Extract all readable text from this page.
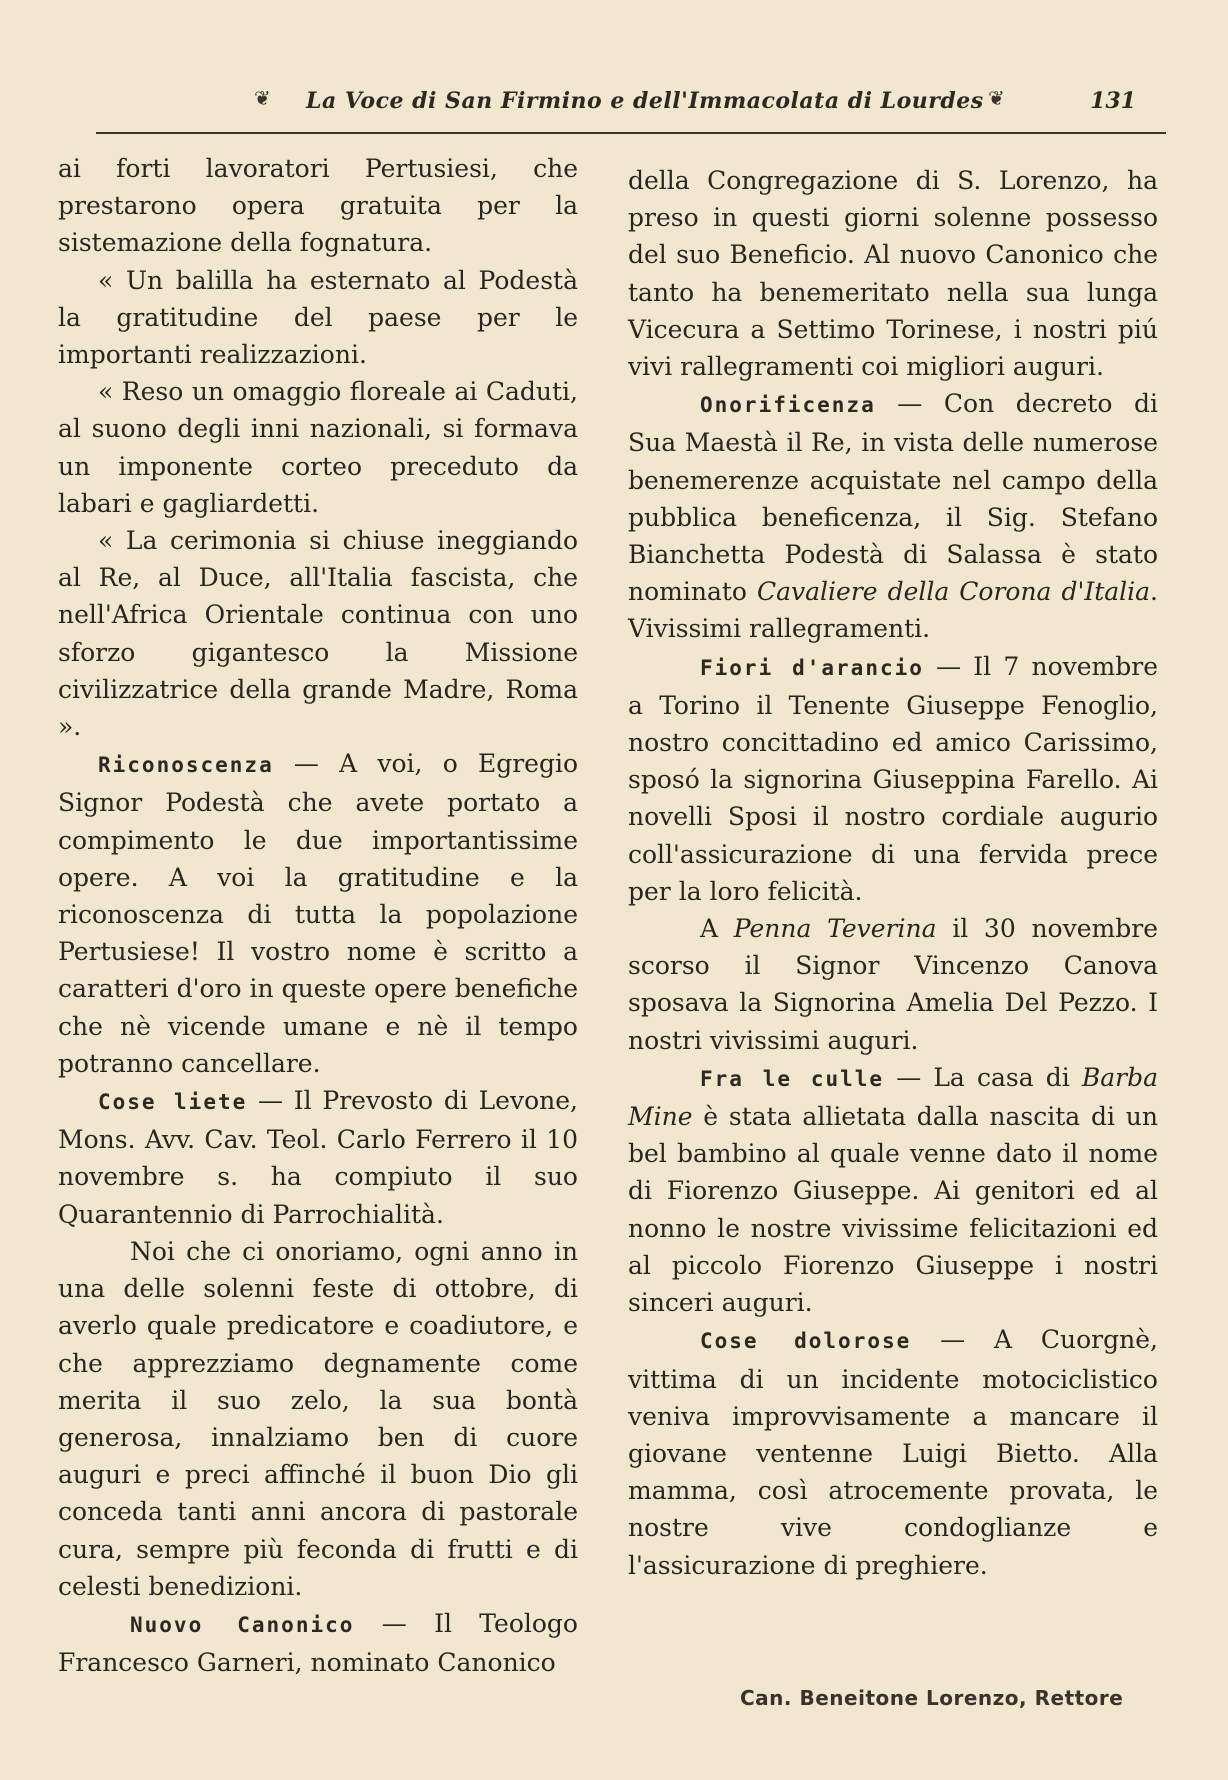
❦ La Voce di San Firmino e dell'Immacolata di Lourdes ❦	131

ai forti lavoratori Pertusiesi, che prestarono opera gratuita per la sistemazione della fognatura.

« Un balilla ha esternato al Podestà la gratitudine del paese per le importanti realizzazioni.

« Reso un omaggio floreale ai Caduti, al suono degli inni nazionali, si formava un imponente corteo preceduto da labari e gagliardetti.

« La cerimonia si chiuse ineggiando al Re, al Duce, all'Italia fascista, che nell'Africa Orientale continua con uno sforzo gigantesco la Missione civilizzatrice della grande Madre, Roma ».

Riconoscenza — A voi, o Egregio Signor Podestà che avete portato a compimento le due importantissime opere. A voi la gratitudine e la riconoscenza di tutta la popolazione Pertusiese! Il vostro nome è scritto a caratteri d'oro in queste opere benefiche che nè vicende umane e nè il tempo potranno cancellare.

Cose liete — Il Prevosto di Levone, Mons. Avv. Cav. Teol. Carlo Ferrero il 10 novembre s. ha compiuto il suo Quarantennio di Parrochialità.

Noi che ci onoriamo, ogni anno in una delle solenni feste di ottobre, di averlo quale predicatore e coadiutore, e che apprezziamo degnamente come merita il suo zelo, la sua bontà generosa, innalziamo ben di cuore auguri e preci affinché il buon Dio gli conceda tanti anni ancora di pastorale cura, sempre più feconda di frutti e di celesti benedizioni.

Nuovo Canonico — Il Teologo Francesco Garneri, nominato Canonico

della Congregazione di S. Lorenzo, ha preso in questi giorni solenne possesso del suo Beneficio. Al nuovo Canonico che tanto ha benemeritato nella sua lunga Vicecura a Settimo Torinese, i nostri piú vivi rallegramenti coi migliori auguri.

Onorificenza — Con decreto di Sua Maestà il Re, in vista delle numerose benemerenze acquistate nel campo della pubblica beneficenza, il Sig. Stefano Bianchetta Podestà di Salassa è stato nominato Cavaliere della Corona d'Italia. Vivissimi rallegramenti.

Fiori d'arancio — Il 7 novembre a Torino il Tenente Giuseppe Fenoglio, nostro concittadino ed amico Carissimo, sposó la signorina Giuseppina Farello. Ai novelli Sposi il nostro cordiale augurio coll'assicurazione di una fervida prece per la loro felicità.

A Penna Teverina il 30 novembre scorso il Signor Vincenzo Canova sposava la Signorina Amelia Del Pezzo. I nostri vivissimi auguri.

Fra le culle — La casa di Barba Mine è stata allietata dalla nascita di un bel bambino al quale venne dato il nome di Fiorenzo Giuseppe. Ai genitori ed al nonno le nostre vivissime felicitazioni ed al piccolo Fiorenzo Giuseppe i nostri sinceri auguri.

Cose dolorose — A Cuorgnè, vittima di un incidente motociclistico veniva improvvisamente a mancare il giovane ventenne Luigi Bietto. Alla mamma, così atrocemente provata, le nostre vive condoglianze e l'assicurazione di preghiere.

Can. Beneitone Lorenzo, Rettore
